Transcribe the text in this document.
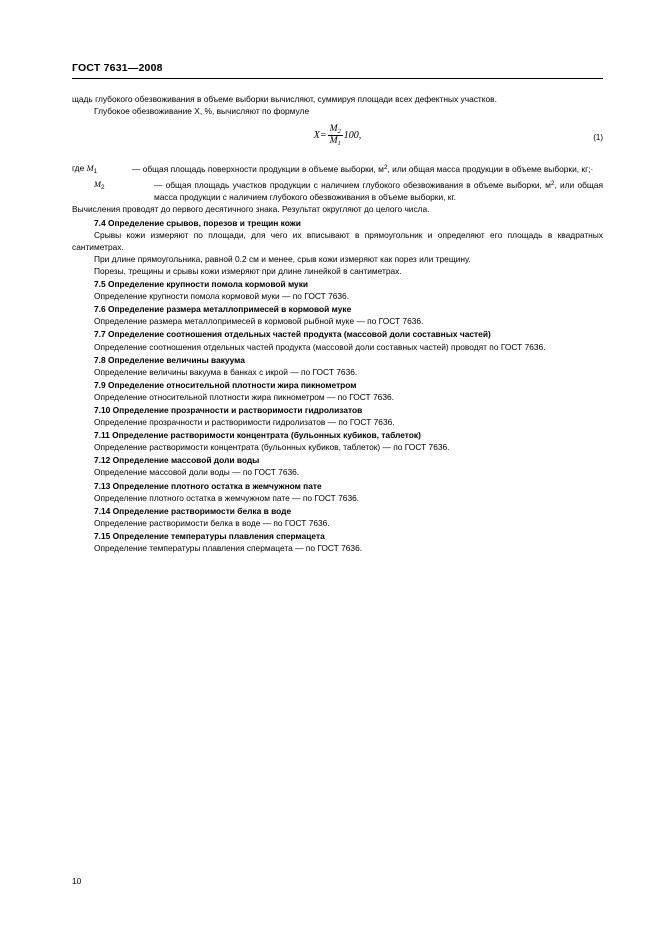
ГОСТ 7631—2008

щадь глубокого обезвоживания в объеме выборки вычисляют, суммируя площади всех дефектных участков.

Глубокое обезвоживание Х, %, вычисляют по формуле

$X= \frac{M_2}{M_1} 100$,	(1)
где $M_1$	— общая площадь поверхности продукции в объеме выборки, $м^2$, или общая масса продукции в объеме выборки, кг;·
$M_2$	— общая площадь участков продукции с наличием глубокого обезвоживания в объеме выборки, $м^2$, или общая масса продукции с наличием глубокого обезвоживания в объеме выборки, кг.

Вычисления проводят до первого десятичного знака. Результат округляют до целого числа.

7.4 Определение срывов, порезов и трещин кожи

Срывы кожи измеряют по площади, для чего их вписывают в прямоугольник и определяют его площадь в квадратных сантиметрах.

При длине прямоугольника, равной 0.2 см и менее, срыв кожи измеряют как порез или трещину.

Порезы, трещины и срывы кожи измеряют при длине линейкой в сантиметрах.

7.5 Определение крупности помола кормовой муки

Определение крупности помола кормовой муки — по ГОСТ 7636.

7.6 Определение размера металлопримесей в кормовой муке

Определение размера металлопримесей в кормовой рыбной муке — по ГОСТ 7636.

7.7 Определение соотношения отдельных частей продукта (массовой доли составных частей)

Определение соотношения отдельных частей продукта (массовой доли составных частей) проводят по ГОСТ 7636.

7.8 Определение величины вакуума

Определение величины вакуума в банках с икрой — по ГОСТ 7636.

7.9 Определение относительной плотности жира пикнометром

Определение относительной плотности жира пикнометром — по ГОСТ 7636.

7.10 Определение прозрачности и растворимости гидролизатов

Определение прозрачности и растворимости гидролизатов — по ГОСТ 7636.

7.11 Определение растворимости концентрата (бульонных кубиков, таблеток)

Определение растворимости концентрата (бульонных кубиков, таблеток) — по ГОСТ 7636.

7.12 Определение массовой доли воды

Определение массовой доли воды — по ГОСТ 7636.

7.13 Определение плотного остатка в жемчужном пате

Определение плотного остатка в жемчужном пате — по ГОСТ 7636.

7.14 Определение растворимости белка в воде

Определение растворимости белка в воде — по ГОСТ 7636.

7.15 Определение температуры плавления спермацета

Определение температуры плавления спермацета — по ГОСТ 7636.

10
